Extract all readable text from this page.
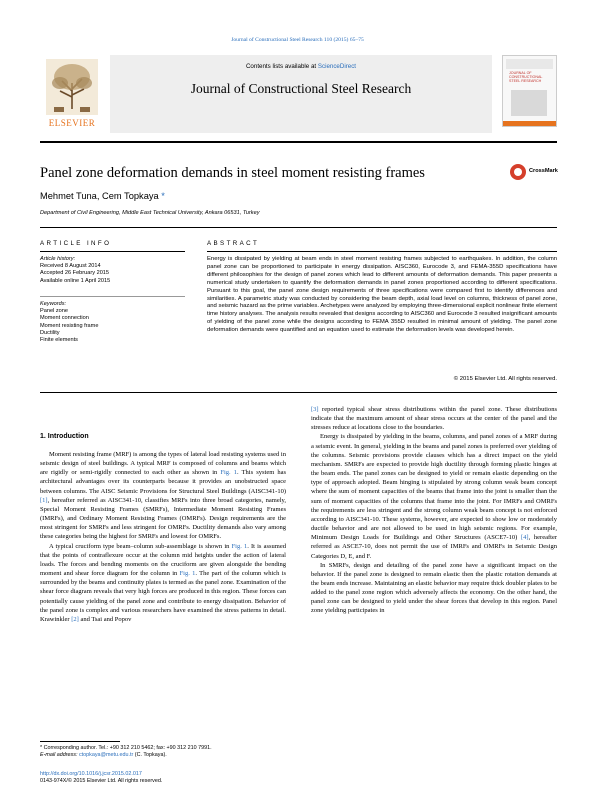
Journal of Constructional Steel Research 110 (2015) 65–75
ELSEVIER
Contents lists available at ScienceDirect
Journal of Constructional Steel Research
JOURNAL OF CONSTRUCTIONAL STEEL RESEARCH
Panel zone deformation demands in steel moment resisting frames	CrossMark
Mehmet Tuna, Cem Topkaya *
Department of Civil Engineering, Middle East Technical University, Ankara 06531, Turkey
ARTICLE INFO	ABSTRACT
Article history:
Received 8 August 2014
Accepted 26 February 2015
Available online 1 April 2015
Keywords:
Panel zone
Moment connection
Moment resisting frame
Ductility
Finite elements
Energy is dissipated by yielding at beam ends in steel moment resisting frames subjected to earthquakes. In addition, the column panel zone can be proportioned to participate in energy dissipation. AISC360, Eurocode 3, and FEMA-355D specifications have different philosophies for the design of panel zones which lead to different amounts of deformation demands. This paper presents a numerical study undertaken to quantify the deformation demands in panel zones proportioned according to different specifications. Pursuant to this goal, the panel zone design requirements of three specifications were compared first to identify differences and similarities. A parametric study was conducted by considering the beam depth, axial load level on columns, thickness of panel zone, and seismic hazard as the prime variables. Archetypes were analyzed by employing three-dimensional explicit nonlinear finite element time history analyses. The analysis results revealed that designs according to AISC360 and Eurocode 3 resulted insignificant amounts of yielding of the panel zone while the designs according to FEMA 355D resulted in minimal amount of yielding. The panel zone deformation demands were quantified and an equation used to estimate the deformation levels was developed herein.
© 2015 Elsevier Ltd. All rights reserved.
1. Introduction

Moment resisting frame (MRF) is among the types of lateral load resisting systems used in seismic design of steel buildings. A typical MRF is composed of columns and beams which are rigidly or semi-rigidly connected to each other as shown in Fig. 1. This system has architectural advantages over its counterparts because it provides an unobstructed space between columns. The AISC Seismic Provisions for Structural Steel Buildings (AISC341-10) [1], hereafter referred as AISC341-10, classifies MRFs into three broad categories, namely, Special Moment Resisting Frames (SMRFs), Intermediate Moment Resisting Frames (IMRFs), and Ordinary Moment Resisting Frames (OMRFs). Design requirements are the most stringent for SMRFs and less stringent for OMRFs. Ductility demands also vary among these categories being the highest for SMRFs and lowest for OMRFs.

A typical cruciform type beam–column sub-assemblage is shown in Fig. 1. It is assumed that the points of contraflexure occur at the column mid heights under the action of lateral loads. The forces and bending moments on the cruciform are given alongside the bending moment and shear force diagram for the column in Fig. 1. The part of the column which is surrounded by the beams and continuity plates is termed as the panel zone. Examination of the shear force diagram reveals that very high forces are produced in this region. These forces can potentially cause yielding of the panel zone and contribute to energy dissipation. Behavior of the panel zone is complex and various researchers have examined the stress patterns in detail. Krawinkler [2] and Tsai and Popov

[3] reported typical shear stress distributions within the panel zone. These distributions indicate that the maximum amount of shear stress occurs at the center of the panel and the stresses reduce at locations close to the boundaries.

Energy is dissipated by yielding in the beams, columns, and panel zones of a MRF during a seismic event. In general, yielding in the beams and panel zones is preferred over yielding of the columns. Seismic provisions provide clauses which has a direct impact on the yield mechanism. SMRFs are expected to provide high ductility through forming plastic hinges at the beam ends. The panel zones can be designed to yield or remain elastic depending on the type of approach adopted. Beam hinging is stipulated by strong column weak beam concept where the sum of moment capacities of the beams that frame into the joint is smaller than the sum of moment capacities of the columns that frame into the joint. For IMRFs and OMRFs the requirements are less stringent and the strong column weak beam concept is not enforced according to AISC341-10. These systems, however, are expected to show low or moderately ductile behavior and are not allowed to be used in high seismic regions. For example, Minimum Design Loads for Buildings and Other Structures (ASCE7-10) [4], hereafter referred as ASCE7-10, does not permit the use of IMRFs and OMRFs in Seismic Design Categories D, E, and F.

In SMRFs, design and detailing of the panel zone have a significant impact on the behavior. If the panel zone is designed to remain elastic then the plastic rotation demands at the beam ends increase. Maintaining an elastic behavior may require thick doubler plates to be added to the panel zone region which adversely affects the economy. On the other hand, the panel zone can be designed to yield under the shear forces that develop in this region. Panel zone yielding participates in

* Corresponding author. Tel.: +90 312 210 5462; fax: +90 312 210 7991.
E-mail address: ctopkaya@metu.edu.tr (C. Topkaya).
http://dx.doi.org/10.1016/j.jcsr.2015.02.017
0143-974X/© 2015 Elsevier Ltd. All rights reserved.
